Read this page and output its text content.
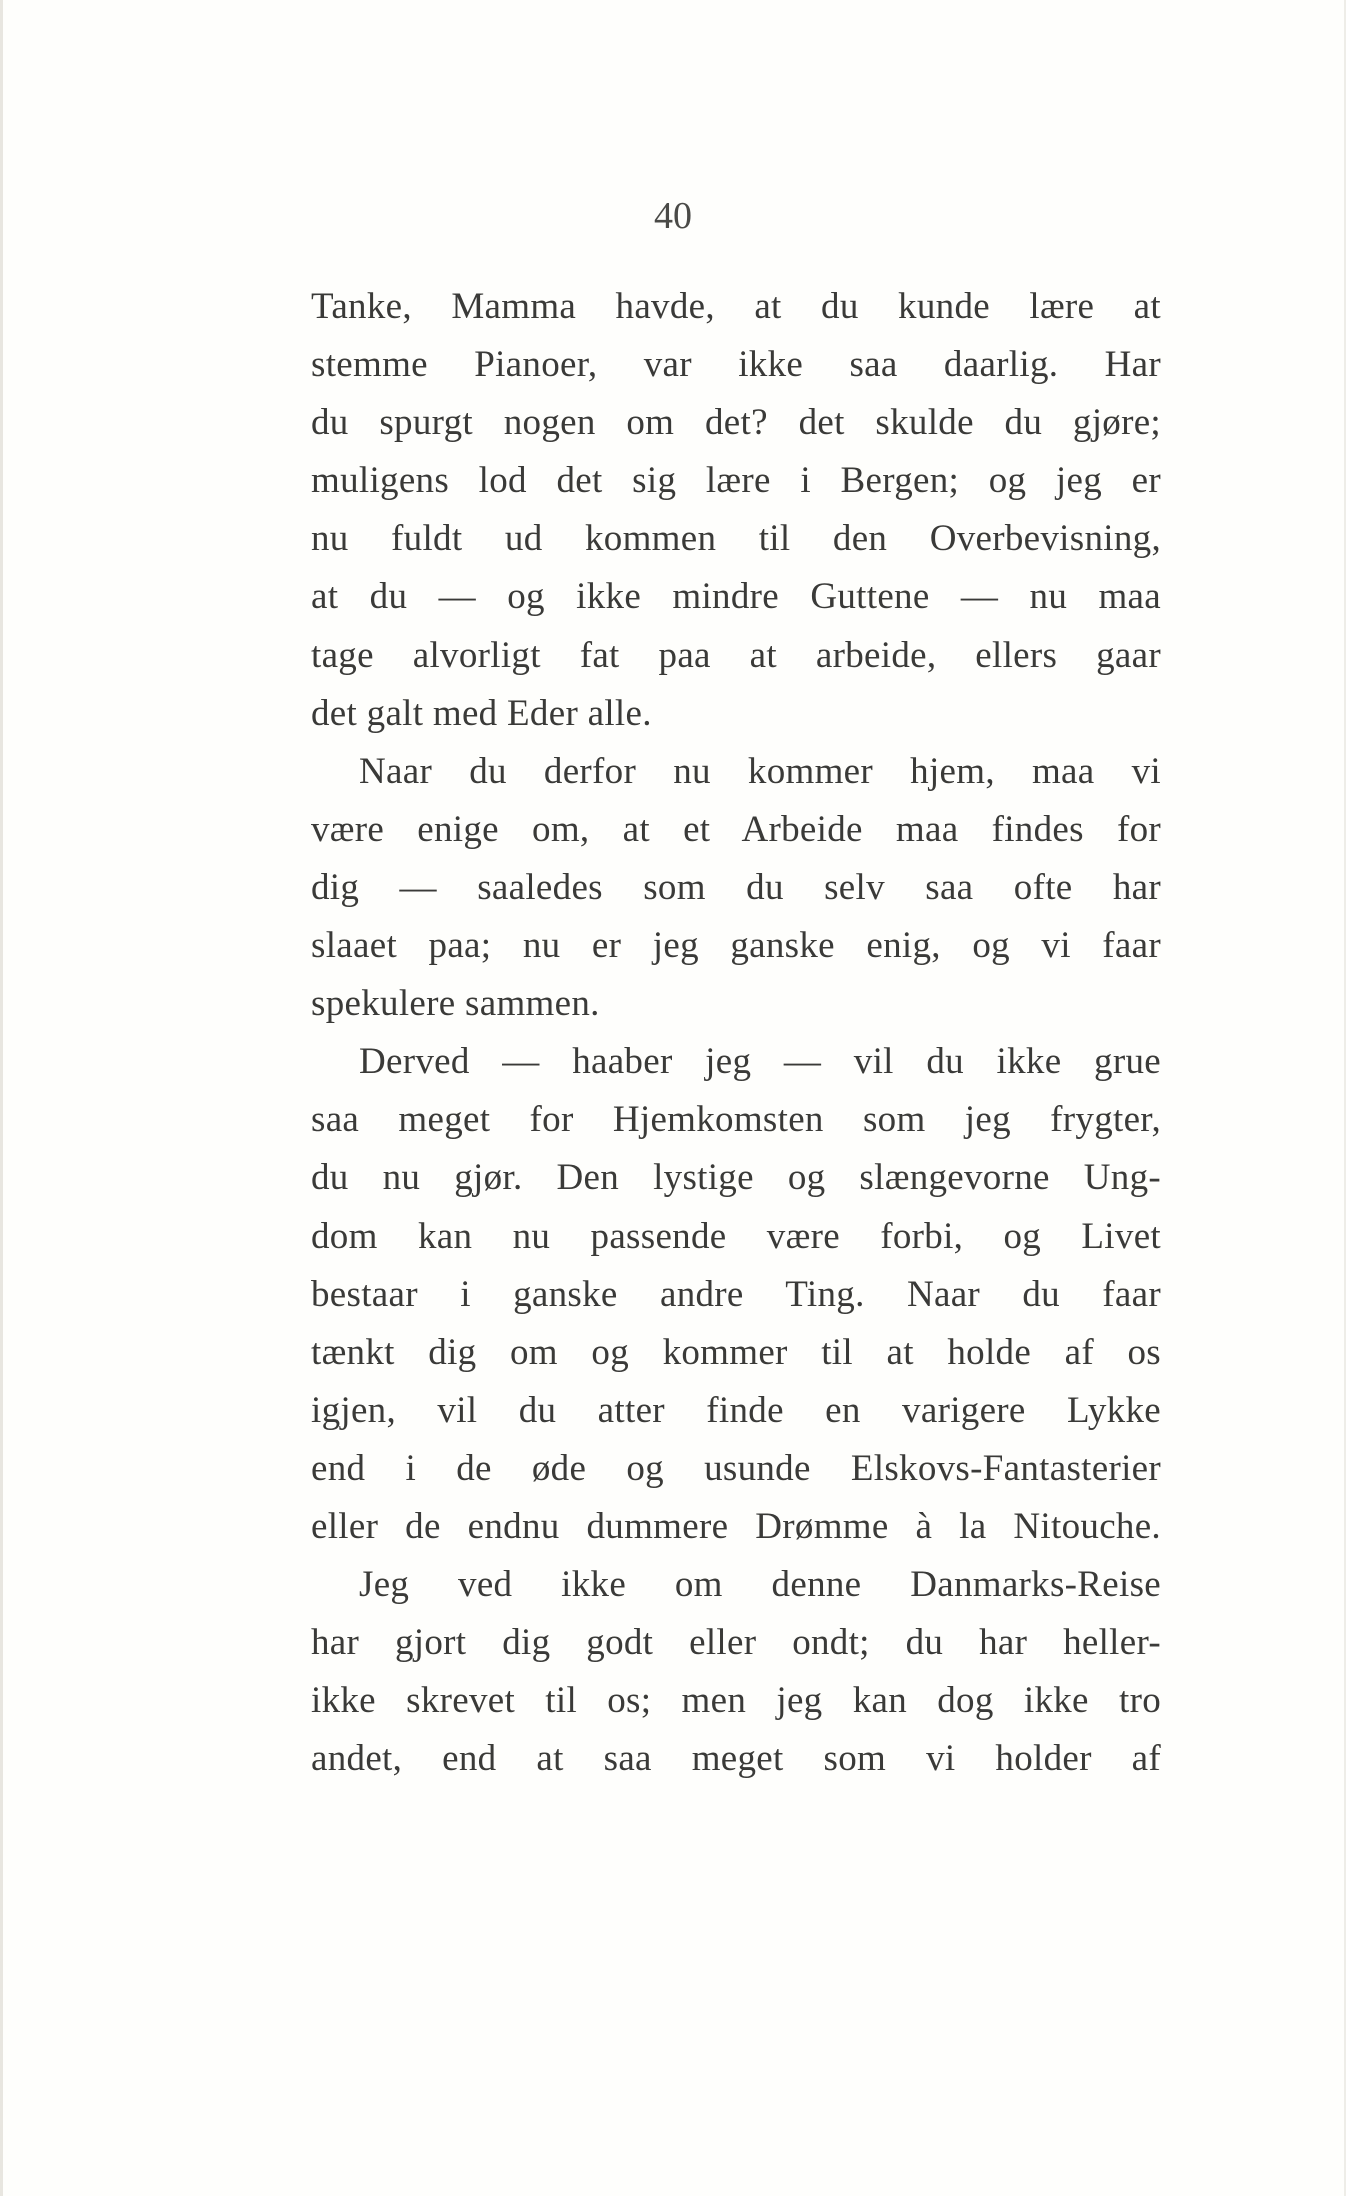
40
Tanke, Mamma havde, at du kunde lære at
stemme Pianoer, var ikke saa daarlig. Har
du spurgt nogen om det? det skulde du gjøre;
muligens lod det sig lære i Bergen; og jeg er
nu fuldt ud kommen til den Overbevisning,
at du — og ikke mindre Guttene — nu maa
tage alvorligt fat paa at arbeide, ellers gaar
det galt med Eder alle.
Naar du derfor nu kommer hjem, maa vi
være enige om, at et Arbeide maa findes for
dig — saaledes som du selv saa ofte har
slaaet paa; nu er jeg ganske enig, og vi faar
spekulere sammen.
Derved — haaber jeg — vil du ikke grue
saa meget for Hjemkomsten som jeg frygter,
du nu gjør. Den lystige og slængevorne Ung-
dom kan nu passende være forbi, og Livet
bestaar i ganske andre Ting. Naar du faar
tænkt dig om og kommer til at holde af os
igjen, vil du atter finde en varigere Lykke
end i de øde og usunde Elskovs-Fantasterier
eller de endnu dummere Drømme à la Nitouche.
Jeg ved ikke om denne Danmarks-Reise
har gjort dig godt eller ondt; du har heller-
ikke skrevet til os; men jeg kan dog ikke tro
andet, end at saa meget som vi holder af
